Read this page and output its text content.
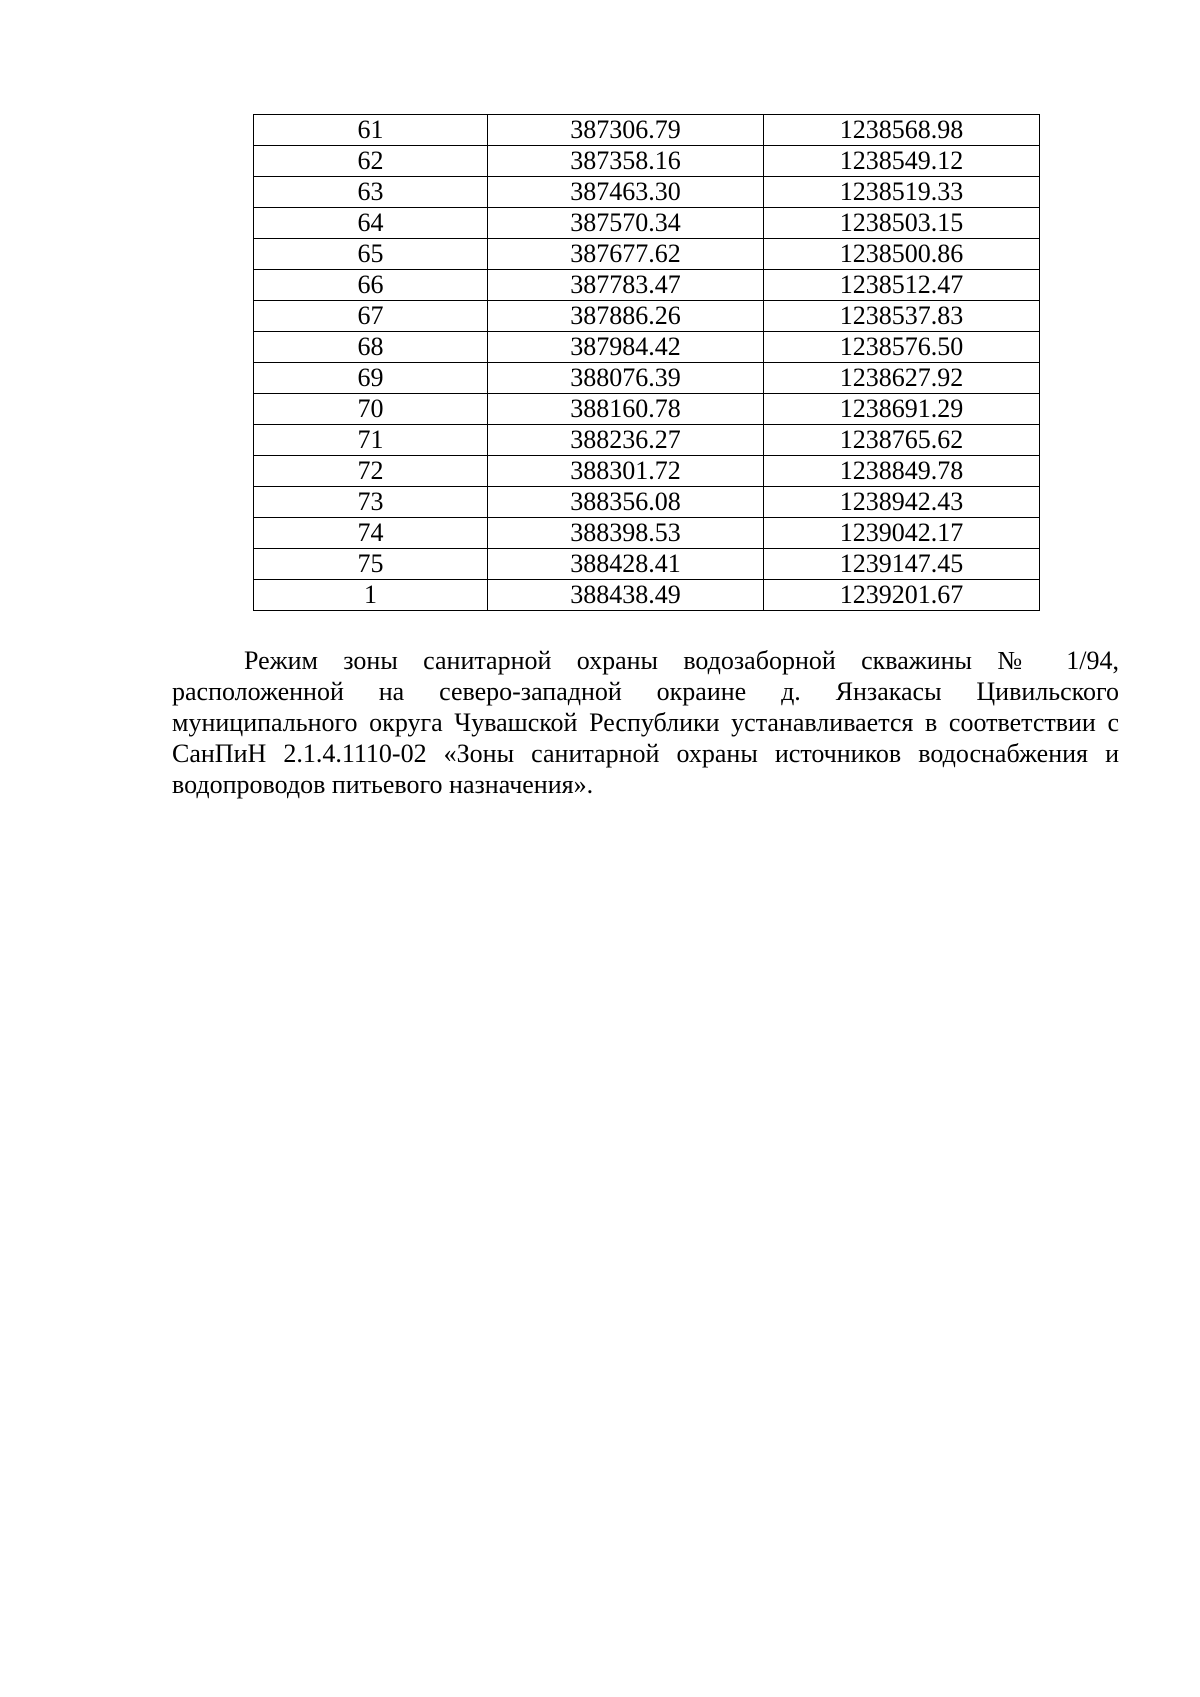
61	387306.79	1238568.98
62	387358.16	1238549.12
63	387463.30	1238519.33
64	387570.34	1238503.15
65	387677.62	1238500.86
66	387783.47	1238512.47
67	387886.26	1238537.83
68	387984.42	1238576.50
69	388076.39	1238627.92
70	388160.78	1238691.29
71	388236.27	1238765.62
72	388301.72	1238849.78
73	388356.08	1238942.43
74	388398.53	1239042.17
75	388428.41	1239147.45
1	388438.49	1239201.67

Режим зоны санитарной охраны водозаборной скважины № 1/94, расположенной на северо-западной окраине д. Янзакасы Цивильского муниципального округа Чувашской Республики устанавливается в соответствии с СанПиН 2.1.4.1110-02 «Зоны санитарной охраны источников водоснабжения и водопроводов питьевого назначения».
